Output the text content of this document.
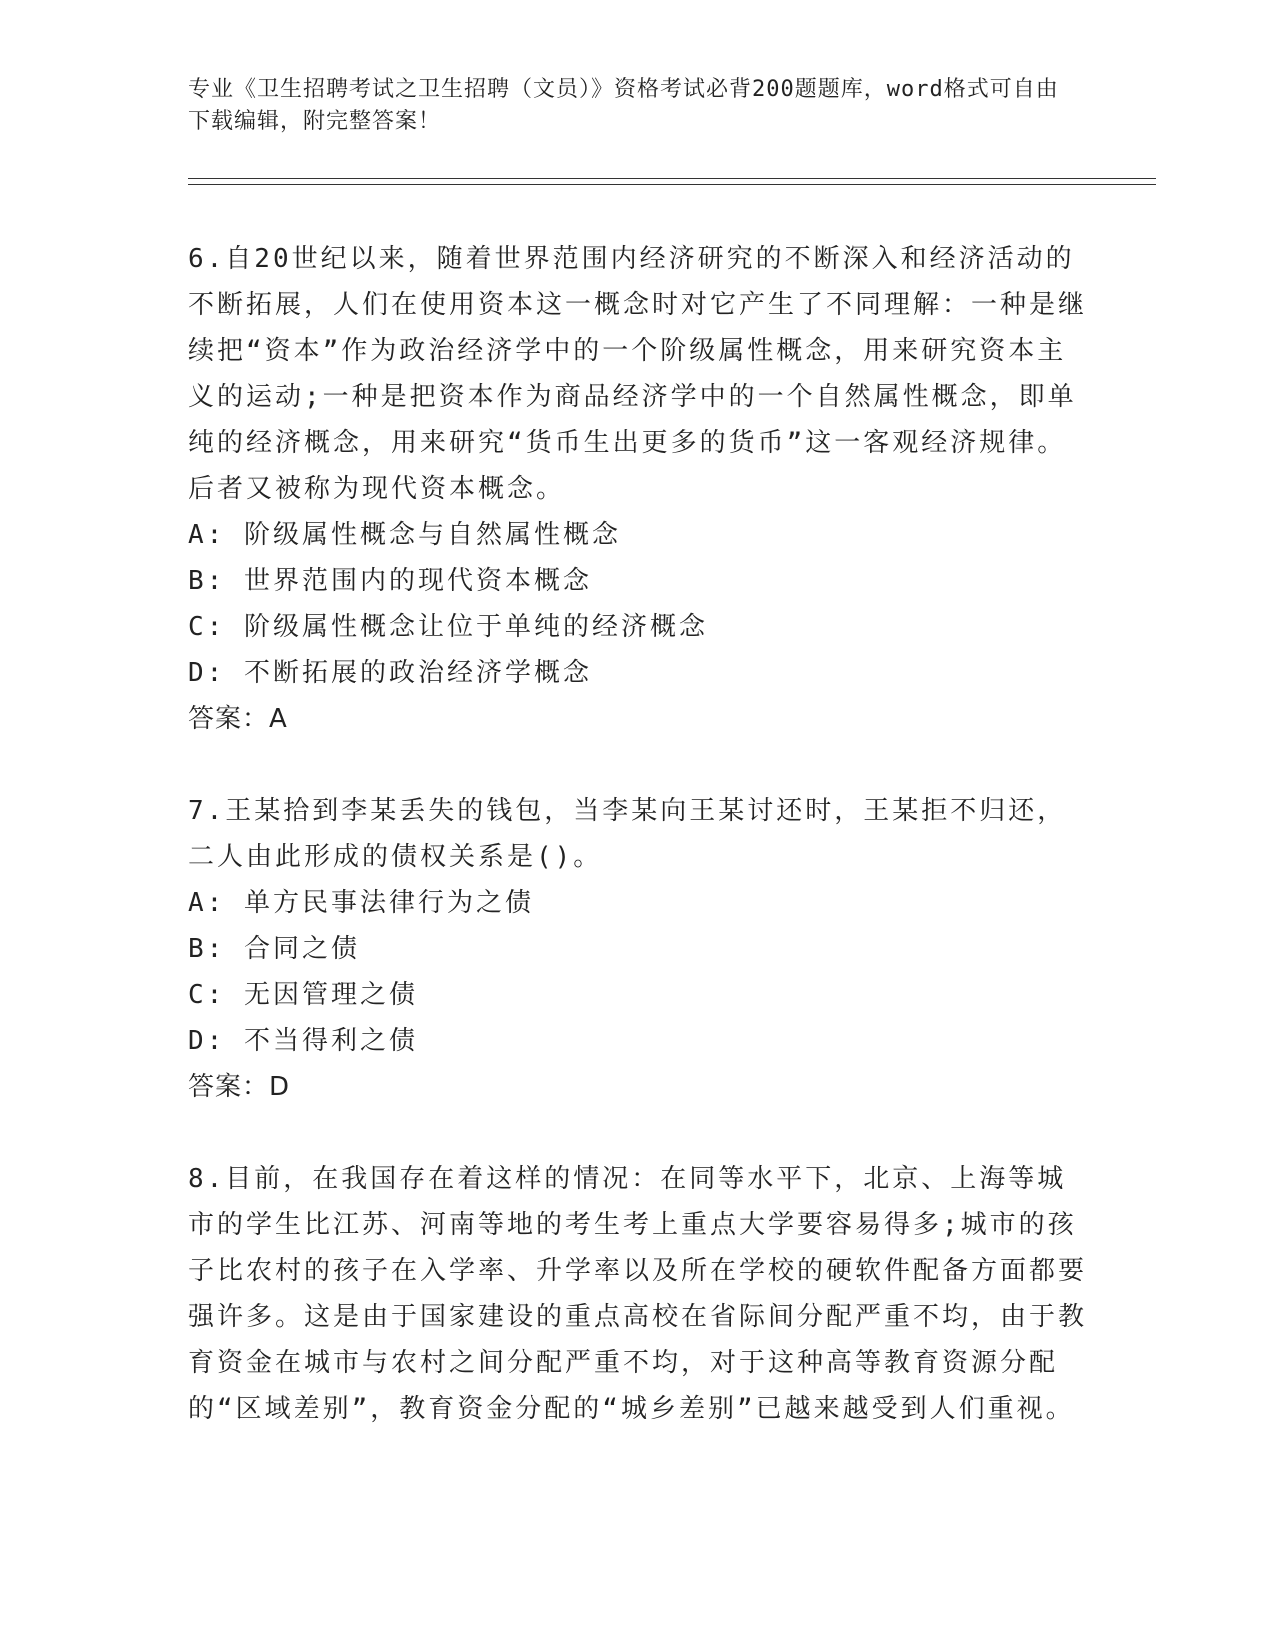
专业《卫生招聘考试之卫生招聘（文员）》资格考试必背200题题库，word格式可自由下载编辑，附完整答案！

6.自20世纪以来，随着世界范围内经济研究的不断深入和经济活动的不断拓展，人们在使用资本这一概念时对它产生了不同理解：一种是继续把“资本”作为政治经济学中的一个阶级属性概念，用来研究资本主义的运动;一种是把资本作为商品经济学中的一个自然属性概念，即单纯的经济概念，用来研究“货币生出更多的货币”这一客观经济规律。后者又被称为现代资本概念。

A: 阶级属性概念与自然属性概念

B: 世界范围内的现代资本概念

C: 阶级属性概念让位于单纯的经济概念

D: 不断拓展的政治经济学概念

答案：A

7.王某拾到李某丢失的钱包，当李某向王某讨还时，王某拒不归还，二人由此形成的债权关系是()。

A: 单方民事法律行为之债

B: 合同之债

C: 无因管理之债

D: 不当得利之债

答案：D

8.目前，在我国存在着这样的情况：在同等水平下，北京、上海等城市的学生比江苏、河南等地的考生考上重点大学要容易得多;城市的孩子比农村的孩子在入学率、升学率以及所在学校的硬软件配备方面都要强许多。这是由于国家建设的重点高校在省际间分配严重不均，由于教育资金在城市与农村之间分配严重不均，对于这种高等教育资源分配的“区域差别”，教育资金分配的“城乡差别”已越来越受到人们重视。
